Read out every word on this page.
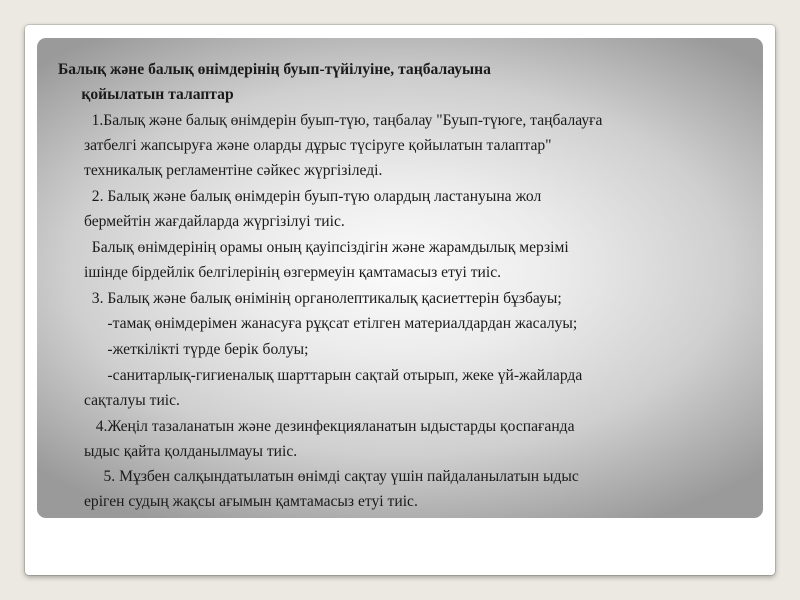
Балық және балық өнімдерінің буып-түйілуіне, таңбалауына
қойылатын талаптар

1.Балық және балық өнімдерін буып-түю, таңбалау "Буып-түюге, таңбалауға
затбелгі жапсыруға және оларды дұрыс түсіруге қойылатын талаптар"
техникалық регламентіне сәйкес жүргізіледі.

2. Балық және балық өнімдерін буып-түю олардың ластануына жол
бермейтін жағдайларда жүргізілуі тиіс.

Балық өнімдерінің орамы оның қауіпсіздігін және жарамдылық мерзімі
ішінде бірдейлік белгілерінің өзгермеуін қамтамасыз етуі тиіс.

3. Балық және балық өнімінің органолептикалық қасиеттерін бұзбауы;

-тамақ өнімдерімен жанасуға рұқсат етілген материалдардан жасалуы;

-жеткілікті түрде берік болуы;

-санитарлық-гигиеналық шарттарын сақтай отырып, жеке үй-жайларда
сақталуы тиіс.

4.Жеңіл тазаланатын және дезинфекцияланатын ыдыстарды қоспағанда
ыдыс қайта қолданылмауы тиіс.

5. Мұзбен салқындатылатын өнімді сақтау үшін пайдаланылатын ыдыс
еріген судың жақсы ағымын қамтамасыз етуі тиіс.
